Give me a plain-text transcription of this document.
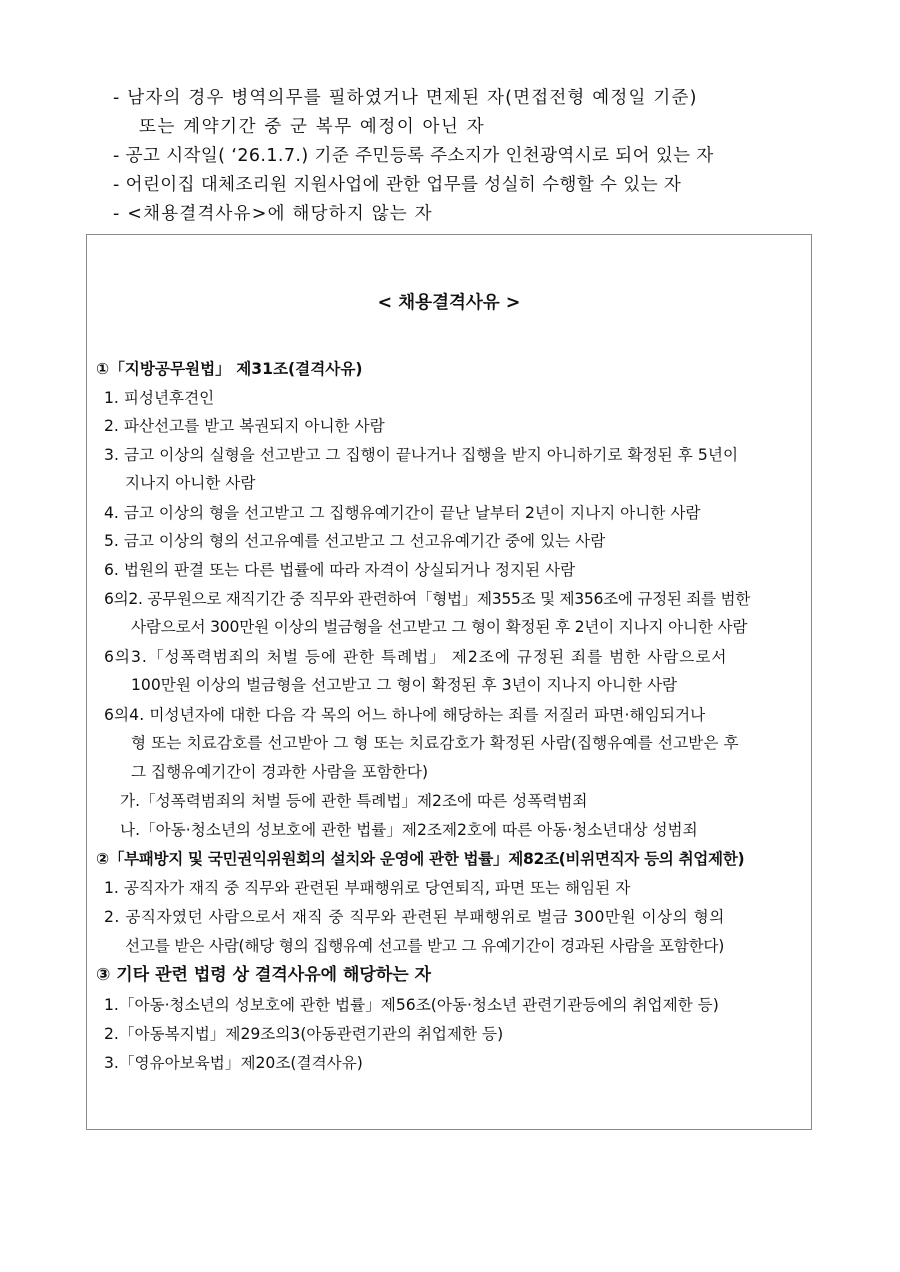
- 남자의 경우 병역의무를 필하였거나 면제된 자(면접전형 예정일 기준)
또는 계약기간 중 군 복무 예정이 아닌 자
- 공고 시작일( ‘26.1.7.) 기준 주민등록 주소지가 인천광역시로 되어 있는 자
- 어린이집 대체조리원 지원사업에 관한 업무를 성실히 수행할 수 있는 자
- <채용결격사유>에 해당하지 않는 자
< 채용결격사유 >
①「지방공무원법」 제31조(결격사유)
1. 피성년후견인
2. 파산선고를 받고 복권되지 아니한 사람
3. 금고 이상의 실형을 선고받고 그 집행이 끝나거나 집행을 받지 아니하기로 확정된 후 5년이
지나지 아니한 사람
4. 금고 이상의 형을 선고받고 그 집행유예기간이 끝난 날부터 2년이 지나지 아니한 사람
5. 금고 이상의 형의 선고유예를 선고받고 그 선고유예기간 중에 있는 사람
6. 법원의 판결 또는 다른 법률에 따라 자격이 상실되거나 정지된 사람
6의2. 공무원으로 재직기간 중 직무와 관련하여「형법」제355조 및 제356조에 규정된 죄를 범한
사람으로서 300만원 이상의 벌금형을 선고받고 그 형이 확정된 후 2년이 지나지 아니한 사람
6의3.「성폭력범죄의 처벌 등에 관한 특례법」 제2조에 규정된 죄를 범한 사람으로서
100만원 이상의 벌금형을 선고받고 그 형이 확정된 후 3년이 지나지 아니한 사람
6의4. 미성년자에 대한 다음 각 목의 어느 하나에 해당하는 죄를 저질러 파면·해임되거나
형 또는 치료감호를 선고받아 그 형 또는 치료감호가 확정된 사람(집행유예를 선고받은 후
그 집행유예기간이 경과한 사람을 포함한다)
가.「성폭력범죄의 처벌 등에 관한 특례법」제2조에 따른 성폭력범죄
나.「아동·청소년의 성보호에 관한 법률」제2조제2호에 따른 아동·청소년대상 성범죄
②「부패방지 및 국민권익위원회의 설치와 운영에 관한 법률」제82조(비위면직자 등의 취업제한)
1. 공직자가 재직 중 직무와 관련된 부패행위로 당연퇴직, 파면 또는 해임된 자
2. 공직자였던 사람으로서 재직 중 직무와 관련된 부패행위로 벌금 300만원 이상의 형의
선고를 받은 사람(해당 형의 집행유예 선고를 받고 그 유예기간이 경과된 사람을 포함한다)
③ 기타 관련 법령 상 결격사유에 해당하는 자
1.「아동·청소년의 성보호에 관한 법률」제56조(아동·청소년 관련기관등에의 취업제한 등)
2.「아동복지법」제29조의3(아동관련기관의 취업제한 등)
3.「영유아보육법」제20조(결격사유)
